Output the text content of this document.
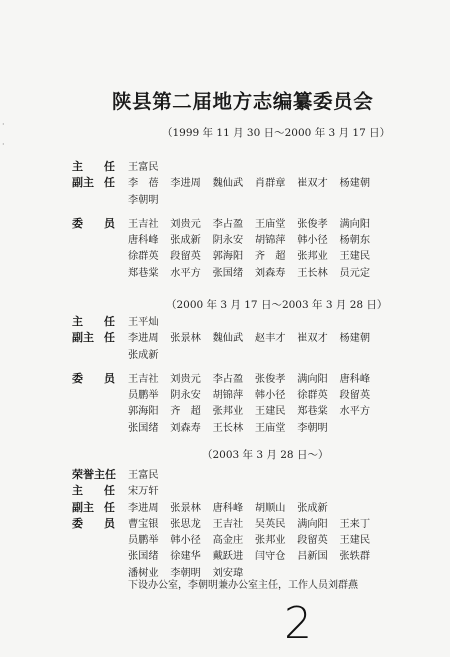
陕县第二届地方志编纂委员会
（1999 年 11 月 30 日～2000 年 3 月 17 日）
主 任 王富民
副主 任 李　蓓 李进周 魏仙武 肖群章 崔双才 杨建朝
李朝明
委 员 王吉社 刘贵元 李占盈 王庙堂 张俊孝 满向阳
唐科峰 张成新 阴永安 胡锦萍 韩小径 杨朝东
徐群英 段留英 郭海阳 齐　超 张邦业 王建民
郑巷棠 水平方 张国绪 刘森寿 王长林 员元定
（2000 年 3 月 17 日～2003 年 3 月 28 日）
主 任 王平灿
副主 任 李进周 张景林 魏仙武 赵丰才 崔双才 杨建朝
张成新
委 员 王吉社 刘贵元 李占盈 张俊孝 满向阳 唐科峰
员鹏举 阴永安 胡锦萍 韩小径 徐群英 段留英
郭海阳 齐　超 张邦业 王建民 郑巷棠 水平方
张国绪 刘森寿 王长林 王庙堂 李朝明
（2003 年 3 月 28 日～）
荣誉主任	王富民
主 任 宋万轩
副主 任 李进周 张景林 唐科峰 胡顺山 张成新
委 员 曹宝银 张思龙 王吉社 吴英民 满向阳 王来丁
员鹏举 韩小径 高金庄 张邦业 段留英 王建民
张国绪 徐建华 戴跃进 闫守仓 吕新国 张轶群
潘树业 李朝明 刘安瑋
下设办公室，李朝明兼办公室主任，工作人员刘群燕
2
·
·
